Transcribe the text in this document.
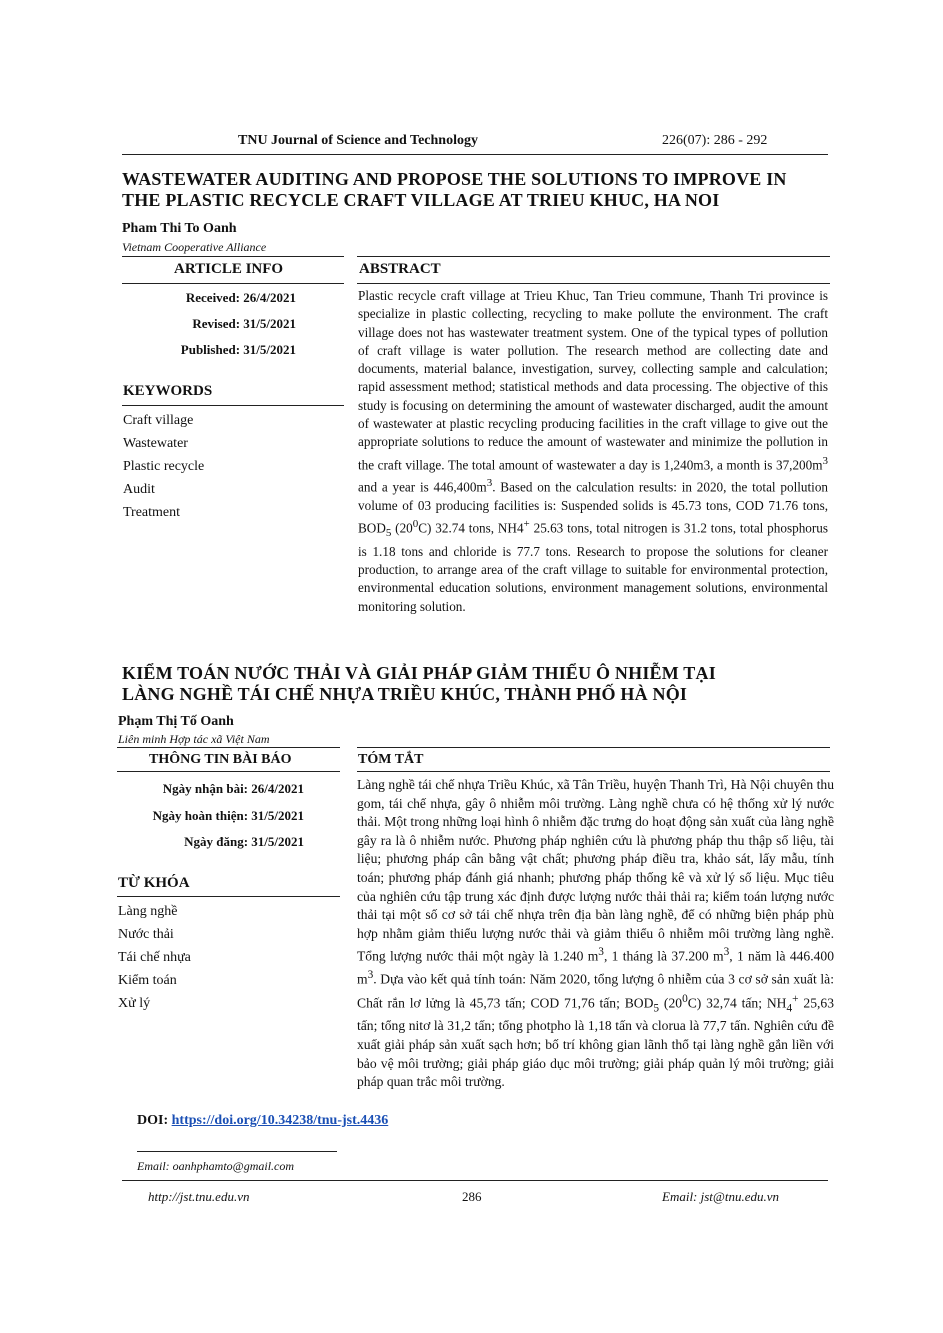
TNU Journal of Science and Technology	226(07): 286 - 292
WASTEWATER AUDITING AND PROPOSE THE SOLUTIONS TO IMPROVE IN
THE PLASTIC RECYCLE CRAFT VILLAGE AT TRIEU KHUC, HA NOI
Pham Thi To Oanh
Vietnam Cooperative Alliance
ARTICLE INFO	ABSTRACT
Received: 26/4/2021
Revised: 31/5/2021
Published: 31/5/2021
KEYWORDS
Craft village
Wastewater
Plastic recycle
Audit
Treatment
Plastic recycle craft village at Trieu Khuc, Tan Trieu commune, Thanh Tri province is specialize in plastic collecting, recycling to make pollute the environment. The craft village does not has wastewater treatment system. One of the typical types of pollution of craft village is water pollution. The research method are collecting date and documents, material balance, investigation, survey, collecting sample and calculation; rapid assessment method; statistical methods and data processing. The objective of this study is focusing on determining the amount of wastewater discharged, audit the amount of wastewater at plastic recycling producing facilities in the craft village to give out the appropriate solutions to reduce the amount of wastewater and minimize the pollution in the craft village. The total amount of wastewater a day is 1,240m3, a month is $37,200m^3$ and a year is $446,400m^3$. Based on the calculation results: in 2020, the total pollution volume of 03 producing facilities is: Suspended solids is 45.73 tons, COD 71.76 tons, $BOD_5$ $(20^0C)$ 32.74 tons, NH4+ 25.63 tons, total nitrogen is 31.2 tons, total phosphorus is 1.18 tons and chloride is 77.7 tons. Research to propose the solutions for cleaner production, to arrange area of the craft village to suitable for environmental protection, environmental education solutions, environment management solutions, environmental monitoring solution.
KIỂM TOÁN NƯỚC THẢI VÀ GIẢI PHÁP GIẢM THIỂU Ô NHIỄM TẠI
LÀNG NGHỀ TÁI CHẾ NHỰA TRIỀU KHÚC, THÀNH PHỐ HÀ NỘI
Phạm Thị Tố Oanh
Liên minh Hợp tác xã Việt Nam
THÔNG TIN BÀI BÁO	TÓM TẮT
Ngày nhận bài: 26/4/2021
Ngày hoàn thiện: 31/5/2021
Ngày đăng: 31/5/2021
TỪ KHÓA
Làng nghề
Nước thải
Tái chế nhựa
Kiểm toán
Xử lý
Làng nghề tái chế nhựa Triều Khúc, xã Tân Triều, huyện Thanh Trì, Hà Nội chuyên thu gom, tái chế nhựa, gây ô nhiễm môi trường. Làng nghề chưa có hệ thống xử lý nước thải. Một trong những loại hình ô nhiễm đặc trưng do hoạt động sản xuất của làng nghề gây ra là ô nhiễm nước. Phương pháp nghiên cứu là phương pháp thu thập số liệu, tài liệu; phương pháp cân bằng vật chất; phương pháp điều tra, khảo sát, lấy mẫu, tính toán; phương pháp đánh giá nhanh; phương pháp thống kê và xử lý số liệu. Mục tiêu của nghiên cứu tập trung xác định được lượng nước thải thải ra; kiểm toán lượng nước thải tại một số cơ sở tái chế nhựa trên địa bàn làng nghề, để có những biện pháp phù hợp nhằm giảm thiểu lượng nước thải và giảm thiểu ô nhiễm môi trường làng nghề. Tổng lượng nước thải một ngày là 1.240 $m^3$, 1 tháng là 37.200 $m^3$, 1 năm là 446.400 $m^3$. Dựa vào kết quả tính toán: Năm 2020, tổng lượng ô nhiễm của 3 cơ sở sản xuất là: Chất rắn lơ lửng là 45,73 tấn; COD 71,76 tấn; $BOD_5$ $(20^0C)$ 32,74 tấn; $NH_4^+$ 25,63 tấn; tổng nitơ là 31,2 tấn; tổng photpho là 1,18 tấn và clorua là 77,7 tấn. Nghiên cứu đề xuất giải pháp sản xuất sạch hơn; bố trí không gian lãnh thổ tại làng nghề gắn liền với bảo vệ môi trường; giải pháp giáo dục môi trường; giải pháp quản lý môi trường; giải pháp quan trắc môi trường.
DOI: https://doi.org/10.34238/tnu-jst.4436
Email: oanhphamto@gmail.com
http://jst.tnu.edu.vn	286	Email: jst@tnu.edu.vn
